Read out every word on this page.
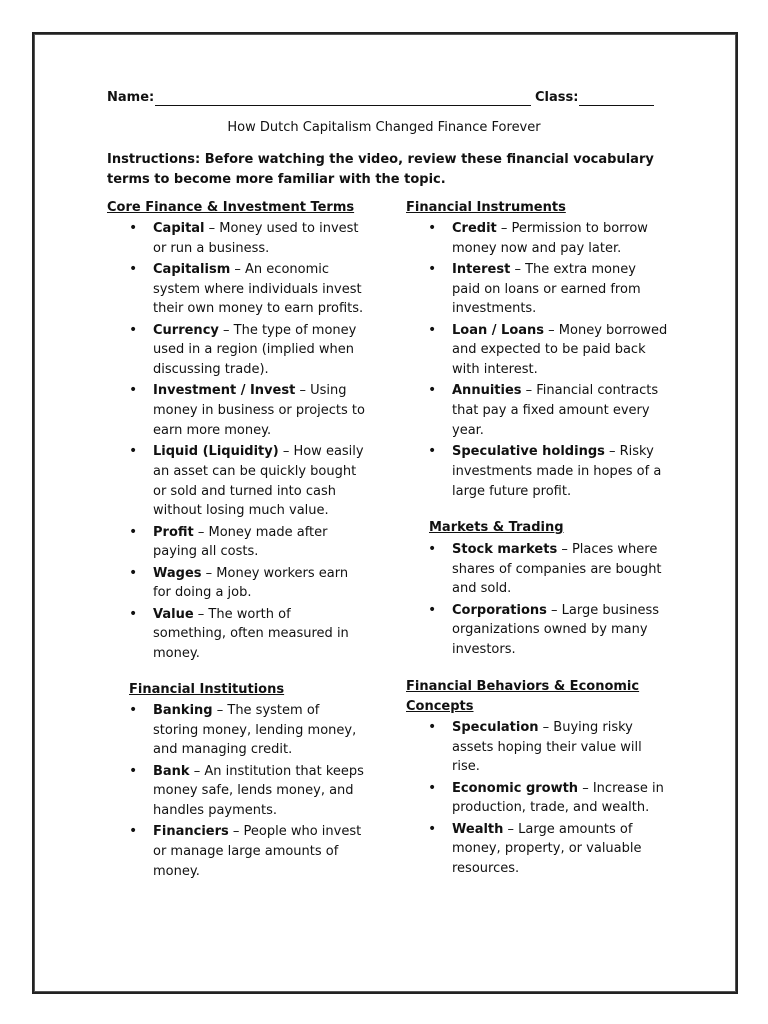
Name:	Class:
How Dutch Capitalism Changed Finance Forever
Instructions: Before watching the video, review these financial vocabulary terms to become more familiar with the topic.
Core Finance & Investment Terms
• Capital – Money used to invest or run a business.
• Capitalism – An economic system where individuals invest their own money to earn profits.
• Currency – The type of money used in a region (implied when discussing trade).
• Investment / Invest – Using money in business or projects to earn more money.
• Liquid (Liquidity) – How easily an asset can be quickly bought or sold and turned into cash without losing much value.
• Profit – Money made after paying all costs.
• Wages – Money workers earn for doing a job.
• Value – The worth of something, often measured in money.
Financial Instruments
• Credit – Permission to borrow money now and pay later.
• Interest – The extra money paid on loans or earned from investments.
• Loan / Loans – Money borrowed and expected to be paid back with interest.
• Annuities – Financial contracts that pay a fixed amount every year.
• Speculative holdings – Risky investments made in hopes of a large future profit.
Markets & Trading
• Stock markets – Places where shares of companies are bought and sold.
• Corporations – Large business organizations owned by many investors.
Financial Institutions
• Banking – The system of storing money, lending money, and managing credit.
• Bank – An institution that keeps money safe, lends money, and handles payments.
• Financiers – People who invest or manage large amounts of money.
Financial Behaviors & Economic Concepts
• Speculation – Buying risky assets hoping their value will rise.
• Economic growth – Increase in production, trade, and wealth.
• Wealth – Large amounts of money, property, or valuable resources.
